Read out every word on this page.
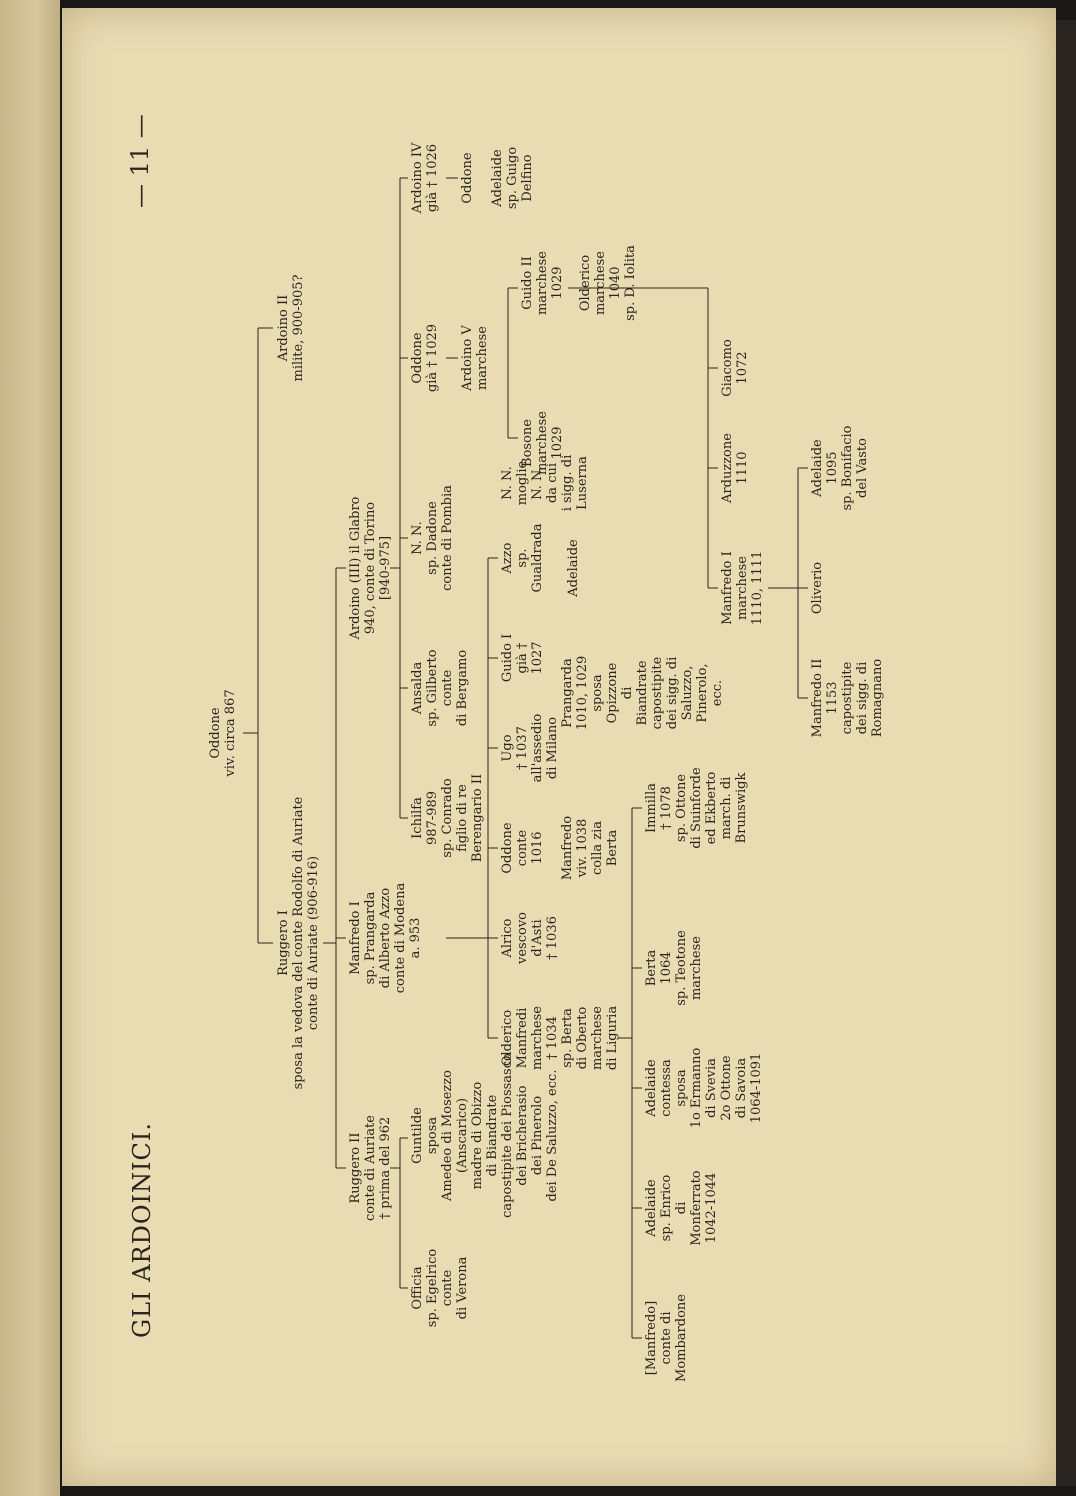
GLI ARDOINICI.
— 11 —
Oddone
viv. circa 867
Ruggero I
sposa la vedova del conte Rodolfo di Auriate
conte di Auriate (906-916)
Ardoino II
milite, 900-905?
Ruggero II
conte di Auriate
† prima del 962
Manfredo I
sp. Prangarda
di Alberto Azzo
conte di Modena
a. 953
Ardoino (III) il Glabro
940, conte di Torino
[940-975]
Officia
sp. Egelrico
conte
di Verona
Guntilde
sposa
Amedeo di Mosezzo
(Anscarico)
madre di Obizzo
di Biandrate
capostipite dei Piossasco
dei Bricherasio
dei Pinerolo
dei De Saluzzo, ecc.
Ichilfa
987-989
sp. Conrado
figlio di re
Berengario II
Ansalda
sp. Gilberto
conte
di Bergamo
N. N.
sp. Dadone
conte di Pombia
Oddone
già † 1029
Ardoino IV
già † 1026
Ardoino V
marchese
Oddone Adelaide
sp. Guigo
Delfino
Olderico
Manfredi
marchese
† 1034
sp. Berta
di Oberto
marchese
di Liguria
Alrico
vescovo
d'Asti
† 1036
Oddone
conte
1016
Ugo
† 1037
all'assedio
di Milano
Guido I
già †
1027
Azzo
sp.
Gualdrada
N. N.
moglie
N. N.
da cui
i sigg. di
Luserna
Bosone
marchese
1029
Guido II
marchese
1029 Olderico
marchese
1040
sp. D. Iolita
Manfredo
viv. 1038
colla zia
Berta
Prangarda
1010, 1029
sposa
Opizzone
di
Biandrate
capostipite
dei sigg. di
Saluzzo,
Pinerolo,
ecc.
Adelaide
[Manfredo]
conte di
Mombardone
Adelaide
sp. Enrico
di
Monferrato
1042-1044
Adelaide
contessa
sposa
1o Ermanno
di Svevia
2o Ottone
di Savoia
1064-1091
Berta
1064
sp. Teotone
marchese
Immilla
† 1078
sp. Ottone
di Suinforde
ed Ekberto
march. di
Brunswigk
Manfredo I
marchese
1110, 1111
Arduzzone
1110
Giacomo
1072
Manfredo II
1153
capostipite
dei sigg. di
Romagnano
Oliverio
Adelaide
1095
sp. Bonifacio
del Vasto
